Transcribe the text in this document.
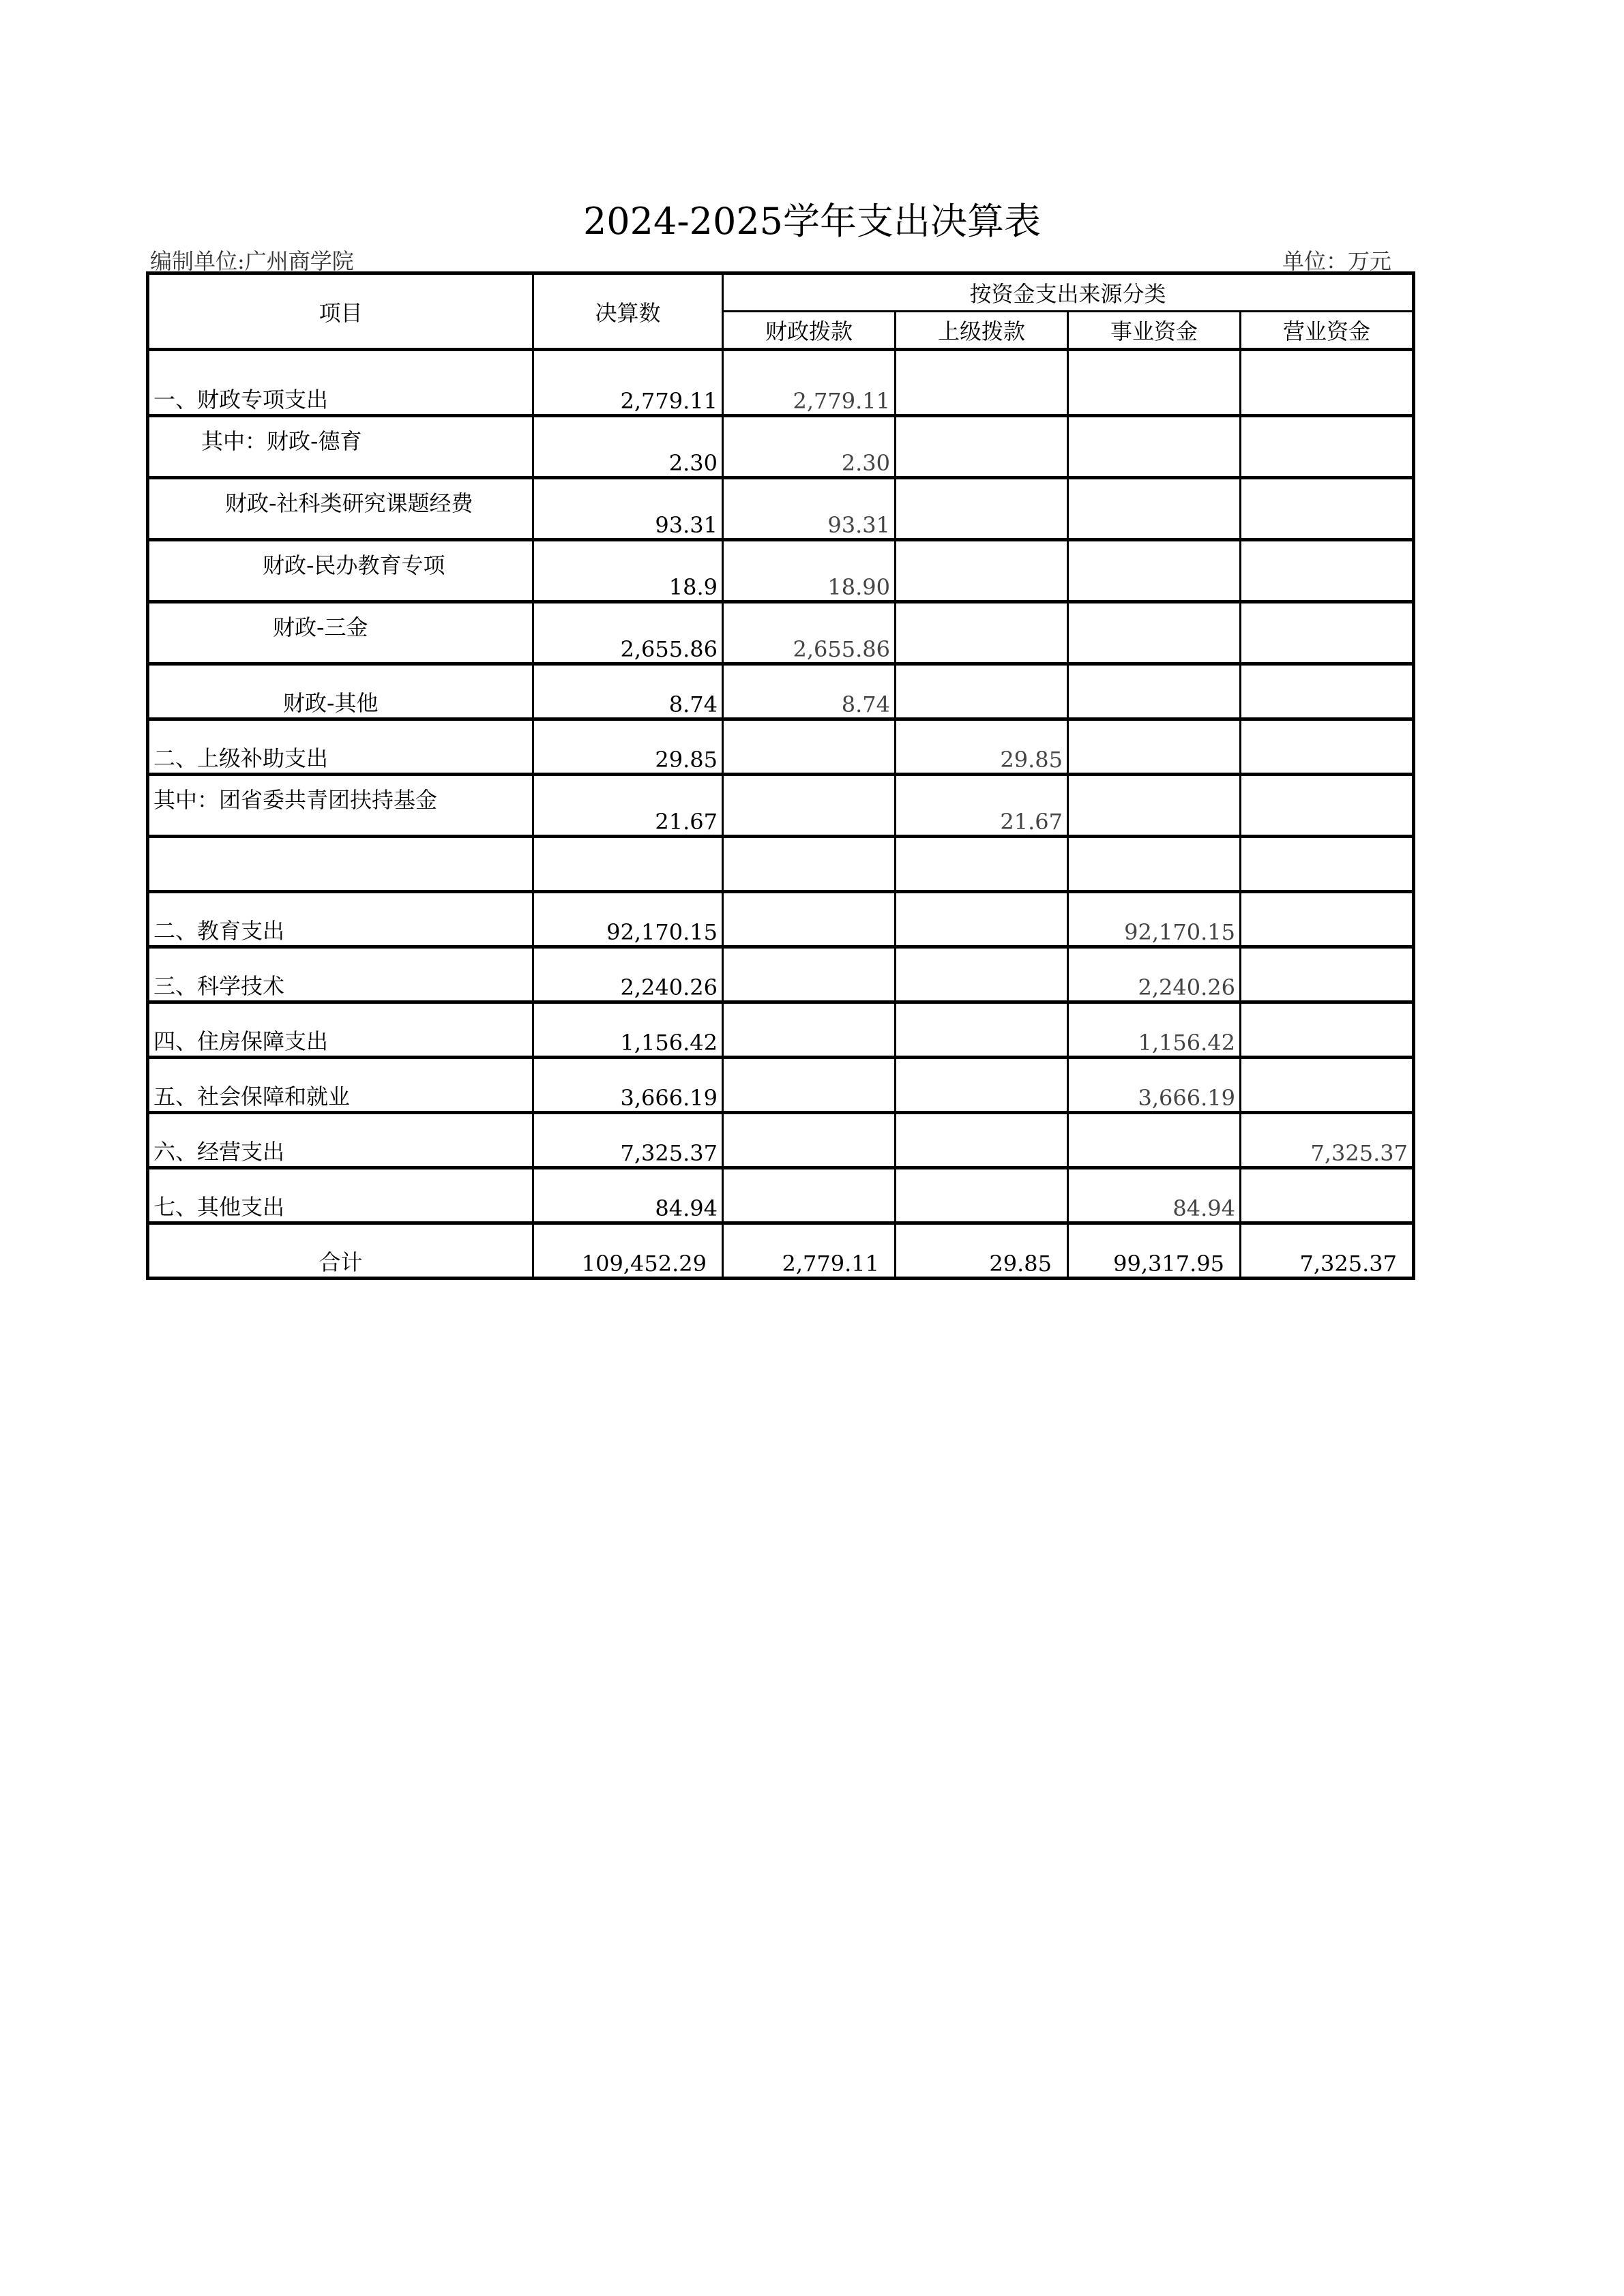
2024-2025学年支出决算表
编制单位:广州商学院	单位：万元
项目	决算数	按资金支出来源分类			
		财政拨款	上级拨款	事业资金	营业资金
一、财政专项支出	2,779.11	2,779.11			
其中：财政-德育	2.30	2.30			
财政-社科类研究课题经费	93.31	93.31			
财政-民办教育专项	18.9	18.90			
财政-三金	2,655.86	2,655.86			
财政-其他	8.74	8.74			
二、上级补助支出	29.85		29.85		
其中：团省委共青团扶持基金	21.67		21.67		

二、教育支出	92,170.15			92,170.15	
三、科学技术	2,240.26			2,240.26	
四、住房保障支出	1,156.42			1,156.42	
五、社会保障和就业	3,666.19			3,666.19	
六、经营支出	7,325.37				7,325.37
七、其他支出	84.94			84.94	
合计	109,452.29	2,779.11	29.85	99,317.95	7,325.37
